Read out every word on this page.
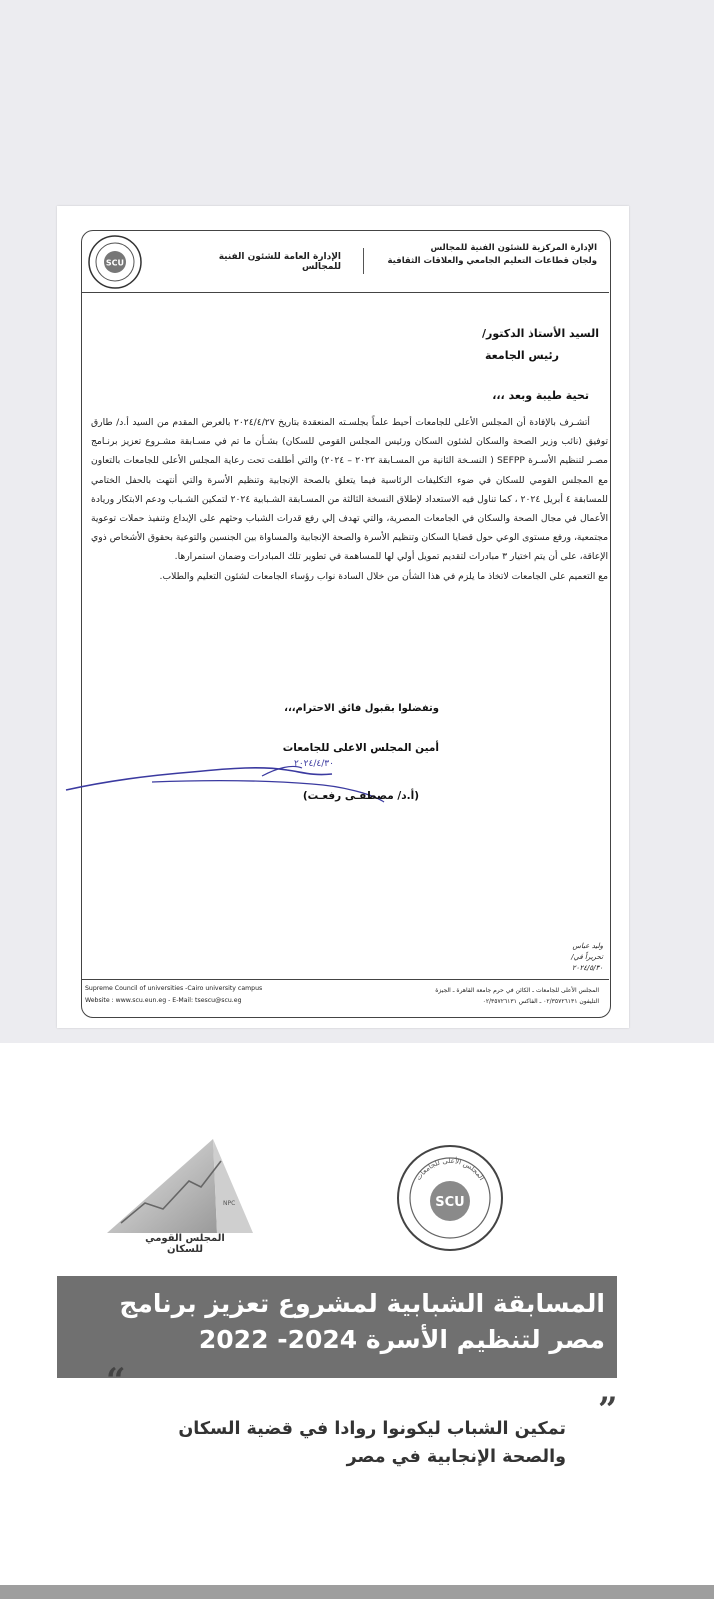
SCU
الإدارة العامة للشئون الفنية للمجالس
الإدارة المركزية للشئون الفنية للمجالس
ولجان قطاعات التعليم الجامعي والعلاقات الثقافية
السيد الأستاذ الدكتور/
رئيس الجامعة
تحية طيبة وبعد ،،،

أتشـرف بالإفادة أن المجلس الأعلى للجامعات أحيط علماً بجلسـته المنعقدة بتاريخ ٢٠٢٤/٤/٢٧ بالعرض المقدم من السيد أ.د/ طارق توفيق (نائب وزير الصحة والسكان لشئون السكان ورئيس المجلس القومي للسكان) بشـأن ما تم في مسـابقة مشـروع تعزيز برنـامج مصـر لتنظيم الأسـرة SEFPP ( النسـخة الثانية من المسـابقة ٢٠٢٢ – ٢٠٢٤) والتي أطلقت تحت رعاية المجلس الأعلى للجامعات بالتعاون مع المجلس القومي للسكان في ضوء التكليفات الرئاسية فيما يتعلق بالصحة الإنجابية وتنظيم الأسرة والتي أنتهت بالحفل الختامي للمسابقة ٤ أبريل ٢٠٢٤ ، كما تناول فيه الاستعداد لإطلاق النسخة الثالثة من المسـابقة الشـبابية ٢٠٢٤ لتمكين الشـباب ودعم الابتكار وريادة الأعمال في مجال الصحة والسكان في الجامعات المصرية، والتي تهدف إلي رفع قدرات الشباب وحثهم على الإبداع وتنفيذ حملات توعوية مجتمعية، ورفع مستوى الوعي حول قضايا السكان وتنظيم الأسرة والصحة الإنجابية والمساواة بين الجنسين والتوعية بحقوق الأشخاص ذوي الإعاقة، على أن يتم اختيار ٣ مبادرات لتقديم تمويل أولي لها للمساهمة في تطوير تلك المبادرات وضمان استمرارها.

مع التعميم على الجامعات لاتخاذ ما يلزم في هذا الشأن من خلال السادة نواب رؤساء الجامعات لشئون التعليم والطلاب.

وتفضلوا بقبول فائق الاحترام،،،
أمين المجلس الاعلى للجامعات
٢٠٢٤/٤/٣٠
(أ.د/ مصطفـى رفعـت)
وليد عباس
تحريراً في/ ٢٠٢٤/٥/٣٠
Supreme Council of universities -Cairo university campus
Website : www.scu.eun.eg - E-Mail: tsescu@scu.eg
المجلس الأعلى للجامعات ـ الكائن في حرم جامعة القاهرة ـ الجيزة
التليفون ٠٢/٣٥٧٢٦١٣١ ـ الفاكس ٠٢/٣٥٧٢٦١٣١
NPC
المجلس القومي للسكان
المجلس الأعلى للجامعات
SCU
المسابقة الشبابية لمشروع تعزيز برنامج
مصر لتنظيم الأسرة 2024- 2022
”
“
تمكين الشباب ليكونوا روادا في قضية السكان
والصحة الإنجابية في مصر
